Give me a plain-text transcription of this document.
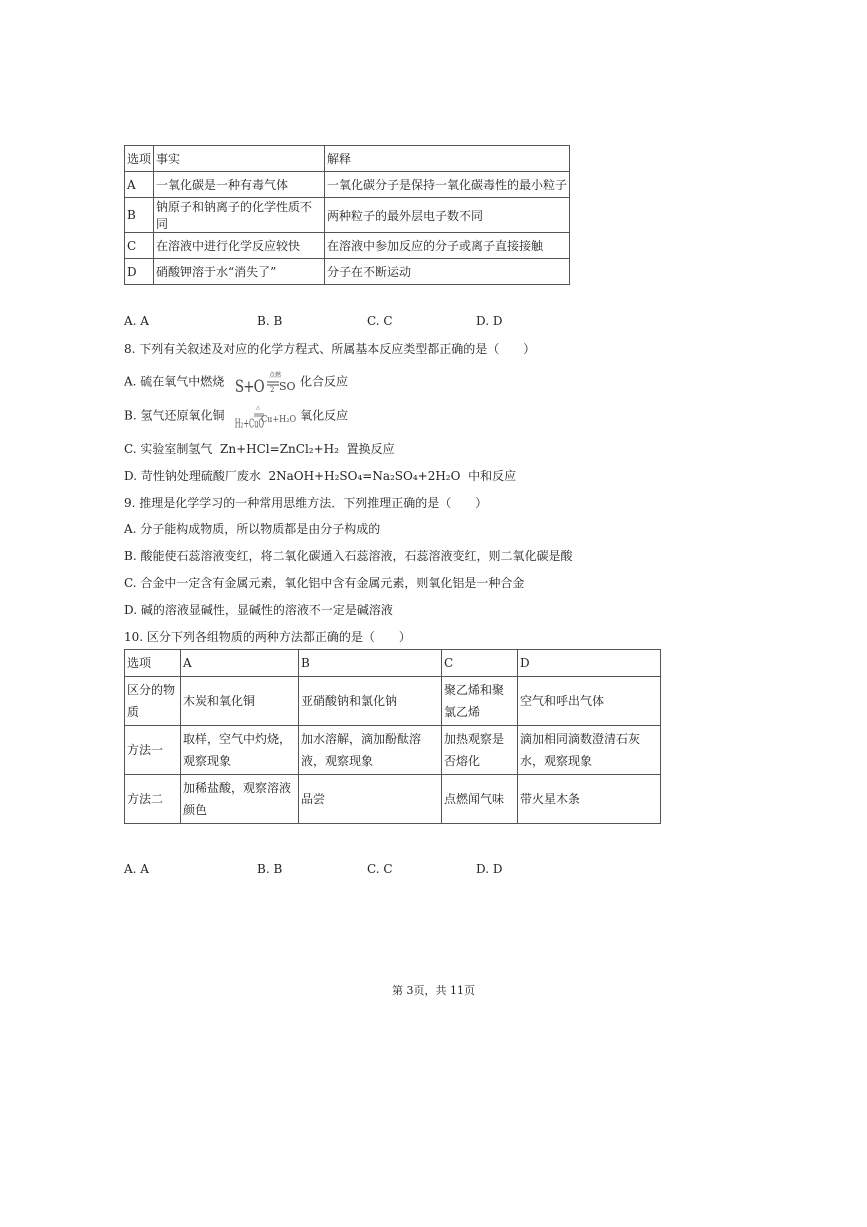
选项	事实	解释
A	一氧化碳是一种有毒气体	一氧化碳分子是保持一氧化碳毒性的最小粒子
B	钠原子和钠离子的化学性质不同	两种粒子的最外层电子数不同
C	在溶液中进行化学反应较快	在溶液中参加反应的分子或离子直接接触
D	硝酸钾溶于水“消失了”	分子在不断运动
A. A	B. B	C. C	D. D
8. 下列有关叙述及对应的化学方程式、所属基本反应类型都正确的是（　　）
A. 硫在氧气中燃烧 S+O 2
点燃
SO 化合反应
B. 氢气还原氧化铜
H₂+CuO
△
Cu+H₂O 氧化反应
C. 实验室制氢气 Zn+HCl=ZnCl₂+H₂ 置换反应
D. 苛性钠处理硫酸厂废水 2NaOH+H₂SO₄=Na₂SO₄+2H₂O 中和反应
9. 推理是化学学习的一种常用思维方法．下列推理正确的是（　　）
A. 分子能构成物质，所以物质都是由分子构成的
B. 酸能使石蕊溶液变红，将二氧化碳通入石蕊溶液，石蕊溶液变红，则二氧化碳是酸
C. 合金中一定含有金属元素，氧化铝中含有金属元素，则氧化铝是一种合金
D. 碱的溶液显碱性，显碱性的溶液不一定是碱溶液
10. 区分下列各组物质的两种方法都正确的是（　　）
选项	A	B	C	D
区分的物质	木炭和氧化铜	亚硝酸钠和氯化钠	聚乙烯和聚氯乙烯	空气和呼出气体
方法一	取样，空气中灼烧，观察现象	加水溶解，滴加酚酞溶液，观察现象	加热观察是否熔化	滴加相同滴数澄清石灰水，观察现象
方法二	加稀盐酸，观察溶液颜色	品尝	点燃闻气味	带火星木条
A. A	B. B	C. C	D. D
第 3页，共 11页
